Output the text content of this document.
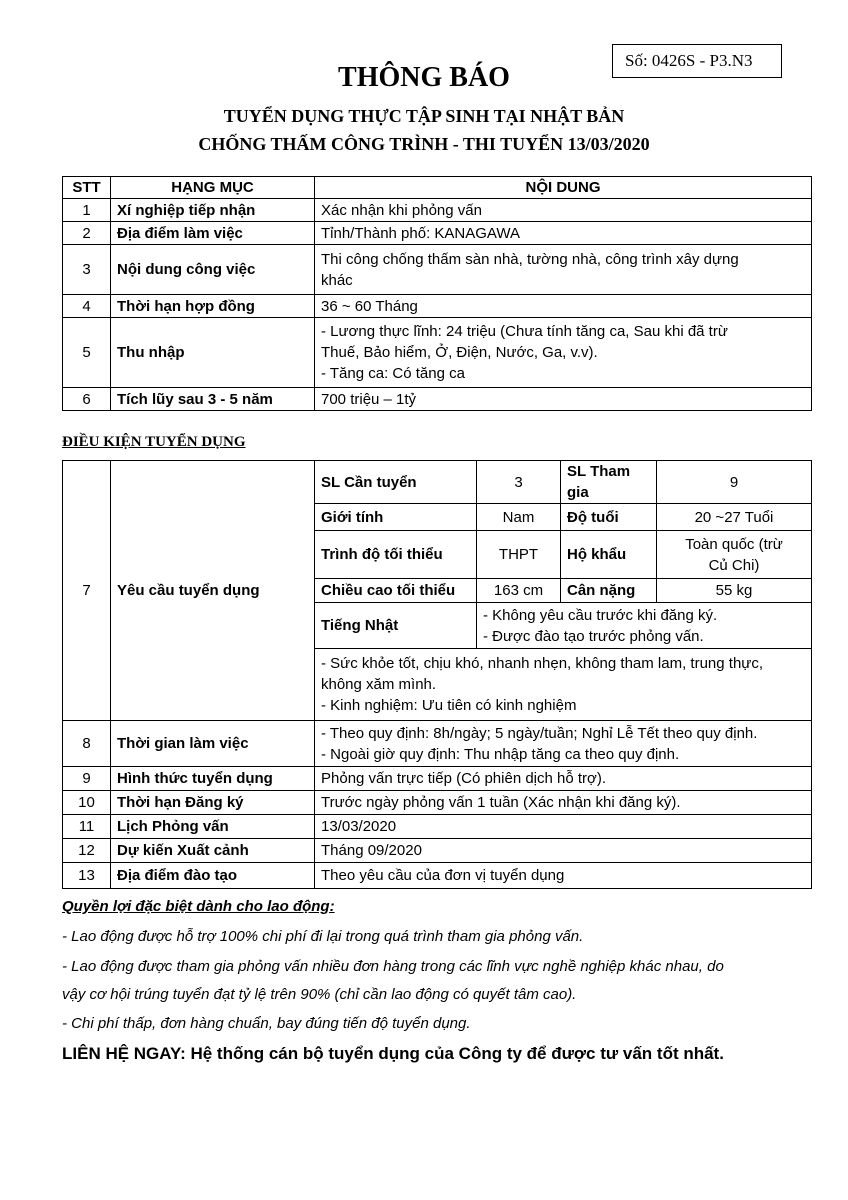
Số: 0426S - P3.N3
THÔNG BÁO
TUYỂN DỤNG THỰC TẬP SINH TẠI NHẬT BẢN
CHỐNG THẤM CÔNG TRÌNH - THI TUYỂN 13/03/2020
STT	HẠNG MỤC	NỘI DUNG
1	Xí nghiệp tiếp nhận	Xác nhận khi phỏng vấn
2	Địa điểm làm việc	Tỉnh/Thành phố: KANAGAWA
3	Nội dung công việc	Thi công chống thấm sàn nhà, tường nhà, công trình xây dựng
khác

4	Thời hạn hợp đồng	36 ~ 60 Tháng
5	Thu nhập	- Lương thực lĩnh: 24 triệu (Chưa tính tăng ca, Sau khi đã trừ
Thuế, Bảo hiểm, Ở, Điện, Nước, Ga, v.v).
- Tăng ca: Có tăng ca

6	Tích lũy sau 3 - 5 năm	700 triệu – 1tỷ
ĐIỀU KIỆN TUYỂN DỤNG
7	Yêu cầu tuyển dụng	SL Cần tuyển	3	SL Tham gia	9
		Giới tính	Nam	Độ tuổi	20 ~27 Tuổi
		Trình độ tối thiểu	THPT	Hộ khẩu	Toàn quốc (trừ
Củ Chi)

		Chiều cao tối thiểu	163 cm	Cân nặng	55 kg
		Tiếng Nhật	- Không yêu cầu trước khi đăng ký.
- Được đào tạo trước phỏng vấn.		

		- Sức khỏe tốt, chịu khó, nhanh nhẹn, không tham lam, trung thực,
không xăm mình.
- Kinh nghiệm: Ưu tiên có kinh nghiệm			

8	Thời gian làm việc	- Theo quy định: 8h/ngày; 5 ngày/tuần; Nghỉ Lễ Tết theo quy định.
- Ngoài giờ quy định: Thu nhập tăng ca theo quy định.			

9	Hình thức tuyển dụng	Phỏng vấn trực tiếp (Có phiên dịch hỗ trợ).			
10	Thời hạn Đăng ký	Trước ngày phỏng vấn 1 tuần (Xác nhận khi đăng ký).			
11	Lịch Phỏng vấn	13/03/2020			
12	Dự kiến Xuất cảnh	Tháng 09/2020			
13	Địa điểm đào tạo	Theo yêu cầu của đơn vị tuyển dụng			
Quyền lợi đặc biệt dành cho lao động:
- Lao động được hỗ trợ 100% chi phí đi lại trong quá trình tham gia phỏng vấn.
- Lao động được tham gia phỏng vấn nhiều đơn hàng trong các lĩnh vực nghề nghiệp khác nhau, do
vậy cơ hội trúng tuyển đạt tỷ lệ trên 90% (chỉ cần lao động có quyết tâm cao).
- Chi phí thấp, đơn hàng chuẩn, bay đúng tiến độ tuyển dụng.
LIÊN HỆ NGAY: Hệ thống cán bộ tuyển dụng của Công ty để được tư vấn tốt nhất.
